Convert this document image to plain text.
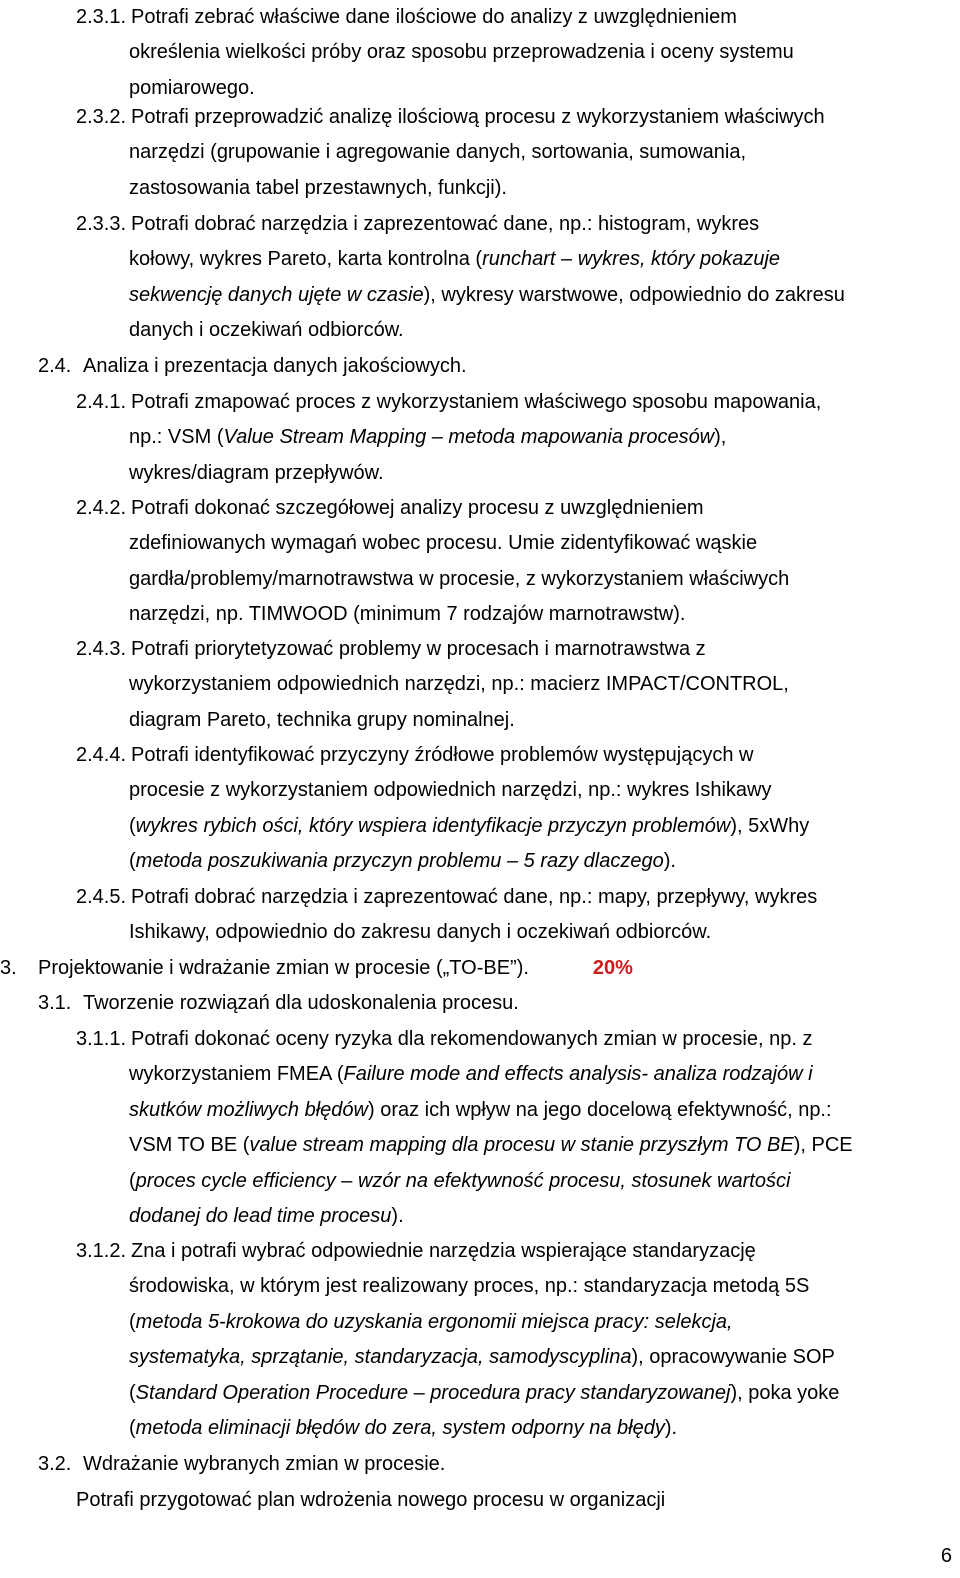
2.3.1. Potrafi zebrać właściwe dane ilościowe do analizy z uwzględnieniem
określenia wielkości próby oraz sposobu przeprowadzenia i oceny systemu
pomiarowego.
2.3.2. Potrafi przeprowadzić analizę ilościową procesu z wykorzystaniem właściwych
narzędzi (grupowanie i agregowanie danych, sortowania, sumowania,
zastosowania tabel przestawnych, funkcji).
2.3.3. Potrafi dobrać narzędzia i zaprezentować dane, np.: histogram, wykres
kołowy, wykres Pareto, karta kontrolna (runchart – wykres, który pokazuje
sekwencję danych ujęte w czasie), wykresy warstwowe, odpowiednio do zakresu
danych i oczekiwań odbiorców.
2.4. Analiza i prezentacja danych jakościowych.
2.4.1. Potrafi zmapować proces z wykorzystaniem właściwego sposobu mapowania,
np.: VSM (Value Stream Mapping – metoda mapowania procesów),
wykres/diagram przepływów.
2.4.2. Potrafi dokonać szczegółowej analizy procesu z uwzględnieniem
zdefiniowanych wymagań wobec procesu. Umie zidentyfikować wąskie
gardła/problemy/marnotrawstwa w procesie, z wykorzystaniem właściwych
narzędzi, np. TIMWOOD (minimum 7 rodzajów marnotrawstw).
2.4.3. Potrafi priorytetyzować problemy w procesach i marnotrawstwa z
wykorzystaniem odpowiednich narzędzi, np.: macierz IMPACT/CONTROL,
diagram Pareto, technika grupy nominalnej.
2.4.4. Potrafi identyfikować przyczyny źródłowe problemów występujących w
procesie z wykorzystaniem odpowiednich narzędzi, np.: wykres Ishikawy
(wykres rybich ości, który wspiera identyfikacje przyczyn problemów), 5xWhy
(metoda poszukiwania przyczyn problemu – 5 razy dlaczego).
2.4.5. Potrafi dobrać narzędzia i zaprezentować dane, np.: mapy, przepływy, wykres
Ishikawy, odpowiednio do zakresu danych i oczekiwań odbiorców.
3.	Projektowanie i wdrażanie zmian w procesie („TO-BE”).	20%
3.1. Tworzenie rozwiązań dla udoskonalenia procesu.
3.1.1. Potrafi dokonać oceny ryzyka dla rekomendowanych zmian w procesie, np. z
wykorzystaniem FMEA (Failure mode and effects analysis- analiza rodzajów i
skutków możliwych błędów) oraz ich wpływ na jego docelową efektywność, np.:
VSM TO BE (value stream mapping dla procesu w stanie przyszłym TO BE), PCE
(proces cycle efficiency – wzór na efektywność procesu, stosunek wartości
dodanej do lead time procesu).
3.1.2. Zna i potrafi wybrać odpowiednie narzędzia wspierające standaryzację
środowiska, w którym jest realizowany proces, np.: standaryzacja metodą 5S
(metoda 5-krokowa do uzyskania ergonomii miejsca pracy: selekcja,
systematyka, sprzątanie, standaryzacja, samodyscyplina), opracowywanie SOP
(Standard Operation Procedure – procedura pracy standaryzowanej), poka yoke
(metoda eliminacji błędów do zera, system odporny na błędy).
3.2. Wdrażanie wybranych zmian w procesie.
Potrafi przygotować plan wdrożenia nowego procesu w organizacji
6
